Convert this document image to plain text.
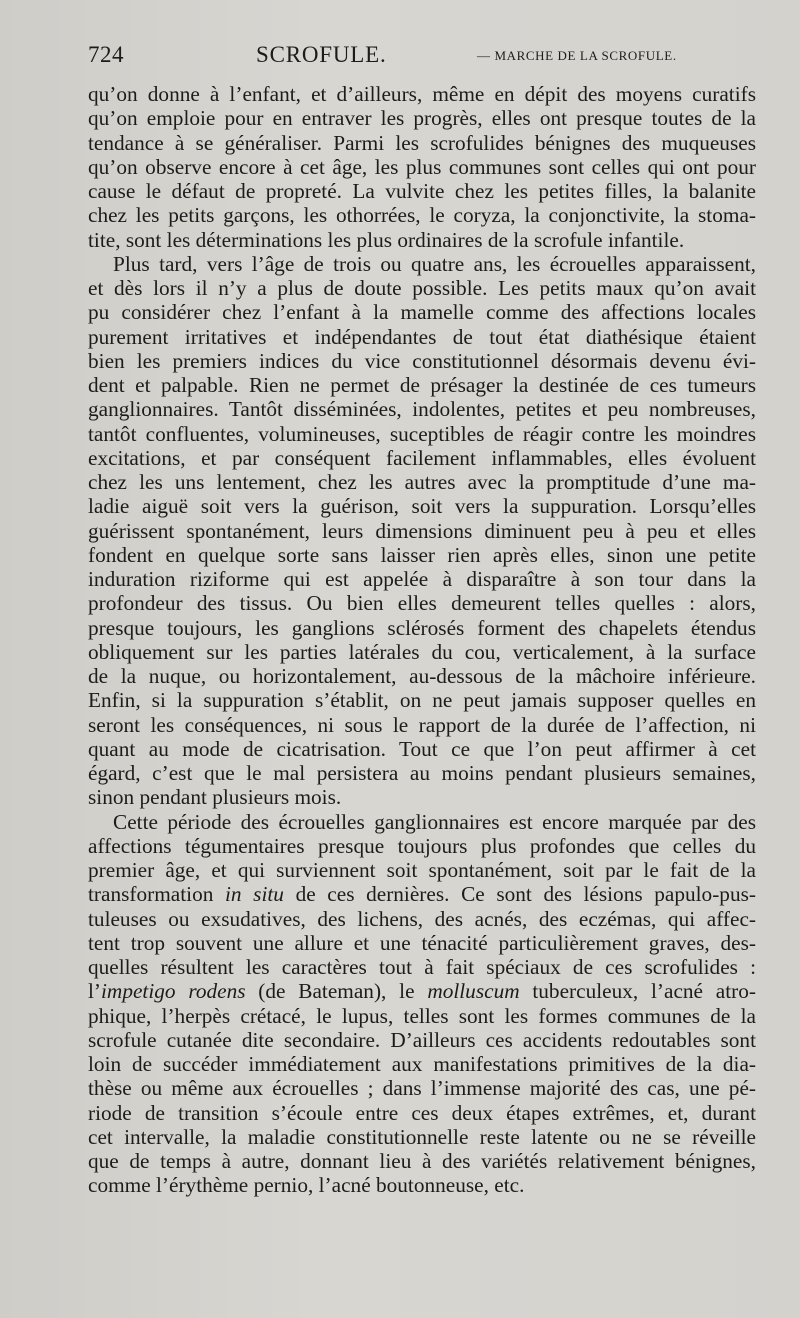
724	SCROFULE.	— MARCHE DE LA SCROFULE.
qu’on donne à l’enfant, et d’ailleurs, même en dépit des moyens curatifs
qu’on emploie pour en entraver les progrès, elles ont presque toutes de la
tendance à se généraliser. Parmi les scrofulides bénignes des muqueuses
qu’on observe encore à cet âge, les plus communes sont celles qui ont pour
cause le défaut de propreté. La vulvite chez les petites filles, la balanite
chez les petits garçons, les othorrées, le coryza, la conjonctivite, la stoma-
tite, sont les déterminations les plus ordinaires de la scrofule infantile.
Plus tard, vers l’âge de trois ou quatre ans, les écrouelles apparaissent,
et dès lors il n’y a plus de doute possible. Les petits maux qu’on avait
pu considérer chez l’enfant à la mamelle comme des affections locales
purement irritatives et indépendantes de tout état diathésique étaient
bien les premiers indices du vice constitutionnel désormais devenu évi-
dent et palpable. Rien ne permet de présager la destinée de ces tumeurs
ganglionnaires. Tantôt disséminées, indolentes, petites et peu nombreuses,
tantôt confluentes, volumineuses, suceptibles de réagir contre les moindres
excitations, et par conséquent facilement inflammables, elles évoluent
chez les uns lentement, chez les autres avec la promptitude d’une ma-
ladie aiguë soit vers la guérison, soit vers la suppuration. Lorsqu’elles
guérissent spontanément, leurs dimensions diminuent peu à peu et elles
fondent en quelque sorte sans laisser rien après elles, sinon une petite
induration riziforme qui est appelée à disparaître à son tour dans la
profondeur des tissus. Ou bien elles demeurent telles quelles : alors,
presque toujours, les ganglions sclérosés forment des chapelets étendus
obliquement sur les parties latérales du cou, verticalement, à la surface
de la nuque, ou horizontalement, au-dessous de la mâchoire inférieure.
Enfin, si la suppuration s’établit, on ne peut jamais supposer quelles en
seront les conséquences, ni sous le rapport de la durée de l’affection, ni
quant au mode de cicatrisation. Tout ce que l’on peut affirmer à cet
égard, c’est que le mal persistera au moins pendant plusieurs semaines,
sinon pendant plusieurs mois.
Cette période des écrouelles ganglionnaires est encore marquée par des
affections tégumentaires presque toujours plus profondes que celles du
premier âge, et qui surviennent soit spontanément, soit par le fait de la
transformation in situ de ces dernières. Ce sont des lésions papulo-pus-
tuleuses ou exsudatives, des lichens, des acnés, des eczémas, qui affec-
tent trop souvent une allure et une ténacité particulièrement graves, des-
quelles résultent les caractères tout à fait spéciaux de ces scrofulides :
l’impetigo rodens (de Bateman), le molluscum tuberculeux, l’acné atro-
phique, l’herpès crétacé, le lupus, telles sont les formes communes de la
scrofule cutanée dite secondaire. D’ailleurs ces accidents redoutables sont
loin de succéder immédiatement aux manifestations primitives de la dia-
thèse ou même aux écrouelles ; dans l’immense majorité des cas, une pé-
riode de transition s’écoule entre ces deux étapes extrêmes, et, durant
cet intervalle, la maladie constitutionnelle reste latente ou ne se réveille
que de temps à autre, donnant lieu à des variétés relativement bénignes,
comme l’érythème pernio, l’acné boutonneuse, etc.
